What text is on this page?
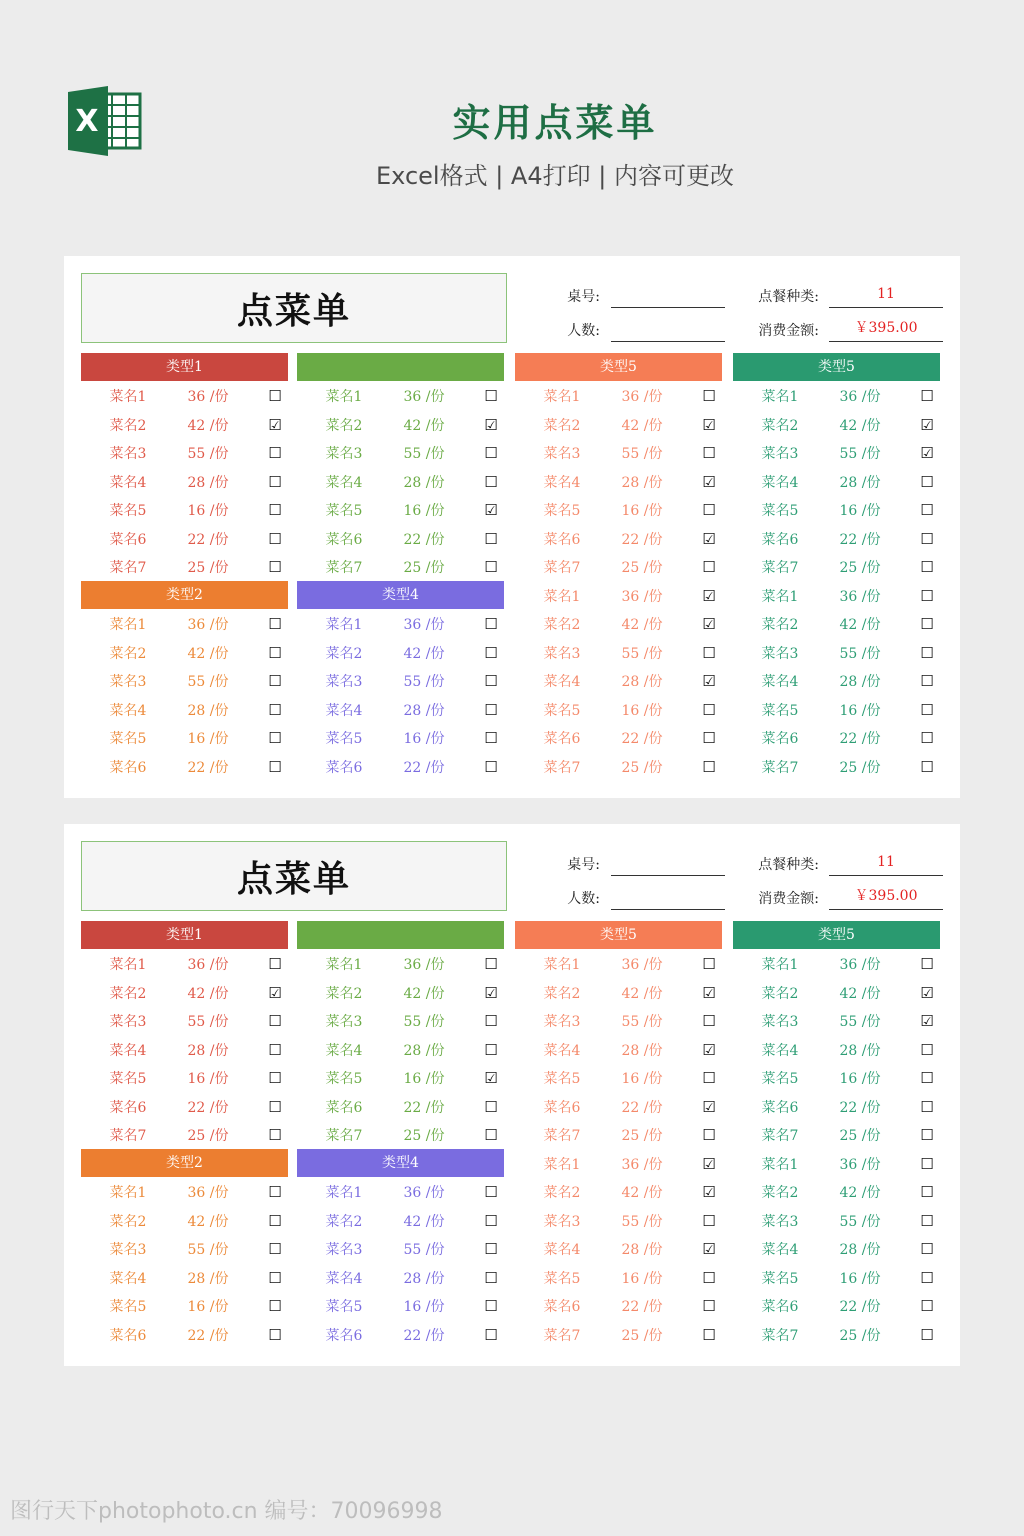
X	实用点菜单
Excel格式 | A4打印 | 内容可更改
点菜单	桌号:
人数:
点餐种类:	11
消费金额:	￥395.00
类型1
菜名1	36 /份	☐
菜名2	42 /份	☑
菜名3	55 /份	☐
菜名4	28 /份	☐
菜名5	16 /份	☐
菜名6	22 /份	☐
菜名7	25 /份	☐
菜名1	36 /份	☐
菜名2	42 /份	☑
菜名3	55 /份	☐
菜名4	28 /份	☐
菜名5	16 /份	☑
菜名6	22 /份	☐
菜名7	25 /份	☐
类型2
菜名1	36 /份	☐
菜名2	42 /份	☐
菜名3	55 /份	☐
菜名4	28 /份	☐
菜名5	16 /份	☐
菜名6	22 /份	☐
类型4
菜名1	36 /份	☐
菜名2	42 /份	☐
菜名3	55 /份	☐
菜名4	28 /份	☐
菜名5	16 /份	☐
菜名6	22 /份	☐
类型5
菜名1	36 /份	☐
菜名2	42 /份	☑
菜名3	55 /份	☐
菜名4	28 /份	☑
菜名5	16 /份	☐
菜名6	22 /份	☑
菜名7	25 /份	☐
菜名1	36 /份	☑
菜名2	42 /份	☑
菜名3	55 /份	☐
菜名4	28 /份	☑
菜名5	16 /份	☐
菜名6	22 /份	☐
菜名7	25 /份	☐
类型5
菜名1	36 /份	☐
菜名2	42 /份	☑
菜名3	55 /份	☑
菜名4	28 /份	☐
菜名5	16 /份	☐
菜名6	22 /份	☐
菜名7	25 /份	☐
菜名1	36 /份	☐
菜名2	42 /份	☐
菜名3	55 /份	☐
菜名4	28 /份	☐
菜名5	16 /份	☐
菜名6	22 /份	☐
菜名7	25 /份	☐
点菜单	桌号:
人数:
点餐种类:	11
消费金额:	￥395.00
类型1
菜名1	36 /份	☐
菜名2	42 /份	☑
菜名3	55 /份	☐
菜名4	28 /份	☐
菜名5	16 /份	☐
菜名6	22 /份	☐
菜名7	25 /份	☐
菜名1	36 /份	☐
菜名2	42 /份	☑
菜名3	55 /份	☐
菜名4	28 /份	☐
菜名5	16 /份	☑
菜名6	22 /份	☐
菜名7	25 /份	☐
类型2
菜名1	36 /份	☐
菜名2	42 /份	☐
菜名3	55 /份	☐
菜名4	28 /份	☐
菜名5	16 /份	☐
菜名6	22 /份	☐
类型4
菜名1	36 /份	☐
菜名2	42 /份	☐
菜名3	55 /份	☐
菜名4	28 /份	☐
菜名5	16 /份	☐
菜名6	22 /份	☐
类型5
菜名1	36 /份	☐
菜名2	42 /份	☑
菜名3	55 /份	☐
菜名4	28 /份	☑
菜名5	16 /份	☐
菜名6	22 /份	☑
菜名7	25 /份	☐
菜名1	36 /份	☑
菜名2	42 /份	☑
菜名3	55 /份	☐
菜名4	28 /份	☑
菜名5	16 /份	☐
菜名6	22 /份	☐
菜名7	25 /份	☐
类型5
菜名1	36 /份	☐
菜名2	42 /份	☑
菜名3	55 /份	☑
菜名4	28 /份	☐
菜名5	16 /份	☐
菜名6	22 /份	☐
菜名7	25 /份	☐
菜名1	36 /份	☐
菜名2	42 /份	☐
菜名3	55 /份	☐
菜名4	28 /份	☐
菜名5	16 /份	☐
菜名6	22 /份	☐
菜名7	25 /份	☐
图行天下photophoto.cn 编号：70096998
